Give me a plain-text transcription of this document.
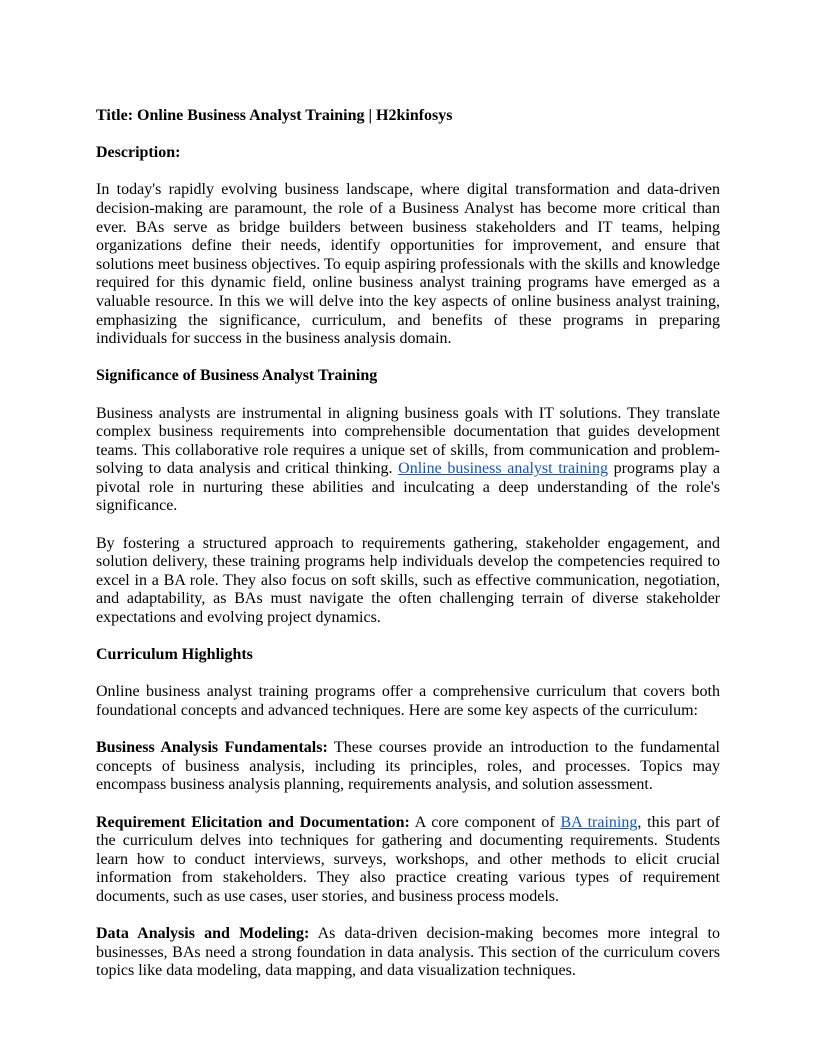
Title: Online Business Analyst Training | H2kinfosys

Description:

In today's rapidly evolving business landscape, where digital transformation and data-driven decision-making are paramount, the role of a Business Analyst has become more critical than ever. BAs serve as bridge builders between business stakeholders and IT teams, helping organizations define their needs, identify opportunities for improvement, and ensure that solutions meet business objectives. To equip aspiring professionals with the skills and knowledge required for this dynamic field, online business analyst training programs have emerged as a valuable resource. In this we will delve into the key aspects of online business analyst training, emphasizing the significance, curriculum, and benefits of these programs in preparing individuals for success in the business analysis domain.

Significance of Business Analyst Training

Business analysts are instrumental in aligning business goals with IT solutions. They translate complex business requirements into comprehensible documentation that guides development teams. This collaborative role requires a unique set of skills, from communication and problem-solving to data analysis and critical thinking. Online business analyst training programs play a pivotal role in nurturing these abilities and inculcating a deep understanding of the role's significance.

By fostering a structured approach to requirements gathering, stakeholder engagement, and solution delivery, these training programs help individuals develop the competencies required to excel in a BA role. They also focus on soft skills, such as effective communication, negotiation, and adaptability, as BAs must navigate the often challenging terrain of diverse stakeholder expectations and evolving project dynamics.

Curriculum Highlights

Online business analyst training programs offer a comprehensive curriculum that covers both foundational concepts and advanced techniques. Here are some key aspects of the curriculum:

Business Analysis Fundamentals: These courses provide an introduction to the fundamental concepts of business analysis, including its principles, roles, and processes. Topics may encompass business analysis planning, requirements analysis, and solution assessment.

Requirement Elicitation and Documentation: A core component of BA training, this part of the curriculum delves into techniques for gathering and documenting requirements. Students learn how to conduct interviews, surveys, workshops, and other methods to elicit crucial information from stakeholders. They also practice creating various types of requirement documents, such as use cases, user stories, and business process models.

Data Analysis and Modeling: As data-driven decision-making becomes more integral to businesses, BAs need a strong foundation in data analysis. This section of the curriculum covers topics like data modeling, data mapping, and data visualization techniques.
